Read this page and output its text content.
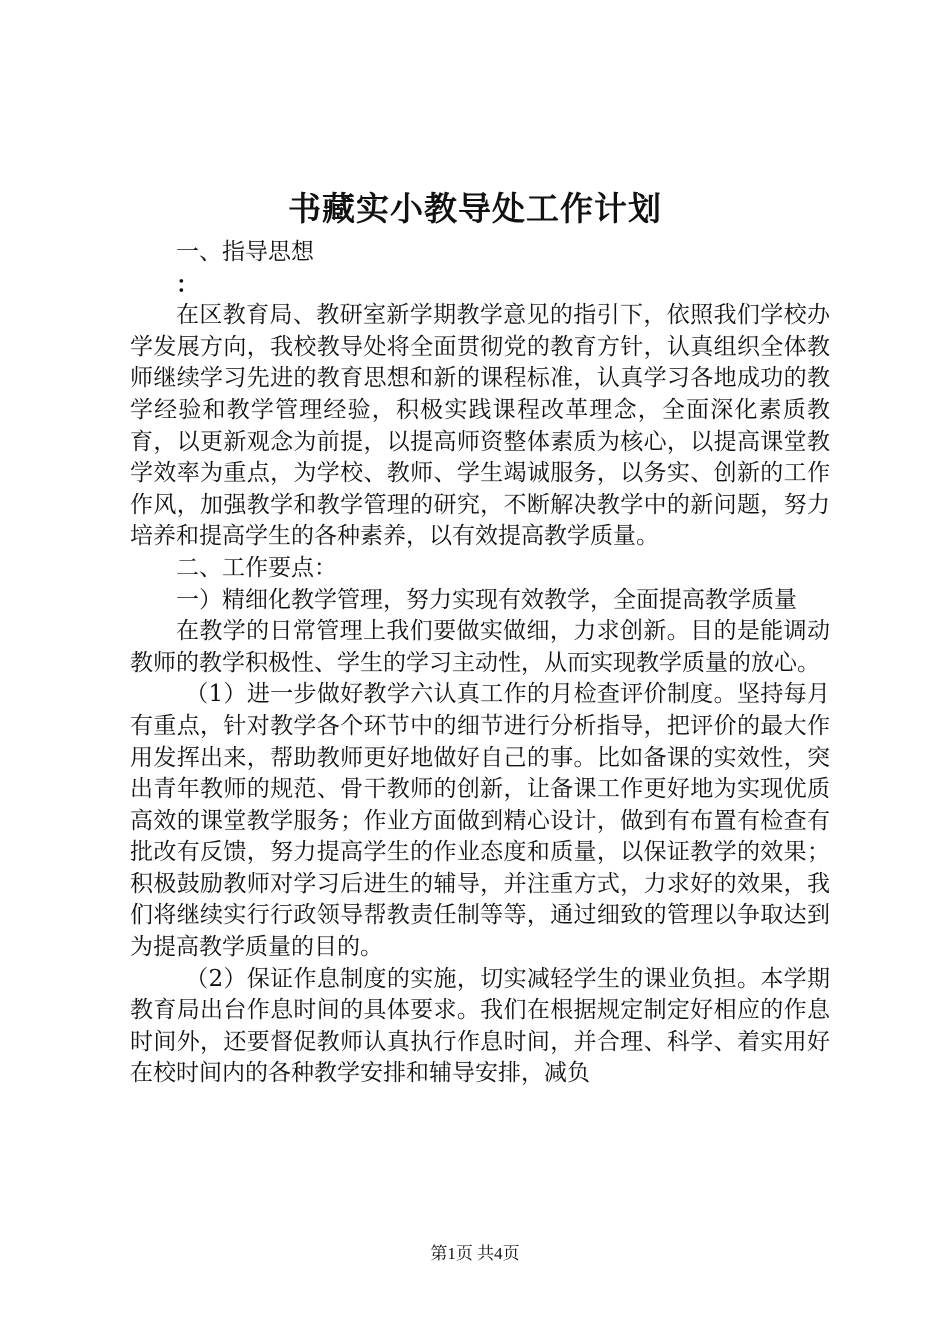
书藏实小教导处工作计划

一、指导思想

：

在区教育局、教研室新学期教学意见的指引下，依照我们学校办学发展方向，我校教导处将全面贯彻党的教育方针，认真组织全体教师继续学习先进的教育思想和新的课程标准，认真学习各地成功的教学经验和教学管理经验，积极实践课程改革理念，全面深化素质教育，以更新观念为前提，以提高师资整体素质为核心，以提高课堂教学效率为重点，为学校、教师、学生竭诚服务，以务实、创新的工作作风，加强教学和教学管理的研究，不断解决教学中的新问题，努力培养和提高学生的各种素养，以有效提高教学质量。

二、工作要点：

一）精细化教学管理，努力实现有效教学，全面提高教学质量

在教学的日常管理上我们要做实做细，力求创新。目的是能调动教师的教学积极性、学生的学习主动性，从而实现教学质量的放心。

（1）进一步做好教学六认真工作的月检查评价制度。坚持每月有重点，针对教学各个环节中的细节进行分析指导，把评价的最大作用发挥出来，帮助教师更好地做好自己的事。比如备课的实效性，突出青年教师的规范、骨干教师的创新，让备课工作更好地为实现优质高效的课堂教学服务；作业方面做到精心设计，做到有布置有检查有批改有反馈，努力提高学生的作业态度和质量，以保证教学的效果；积极鼓励教师对学习后进生的辅导，并注重方式，力求好的效果，我们将继续实行行政领导帮教责任制等等，通过细致的管理以争取达到为提高教学质量的目的。

（2）保证作息制度的实施，切实减轻学生的课业负担。本学期教育局出台作息时间的具体要求。我们在根据规定制定好相应的作息时间外，还要督促教师认真执行作息时间，并合理、科学、着实用好在校时间内的各种教学安排和辅导安排，减负

第1页 共4页
